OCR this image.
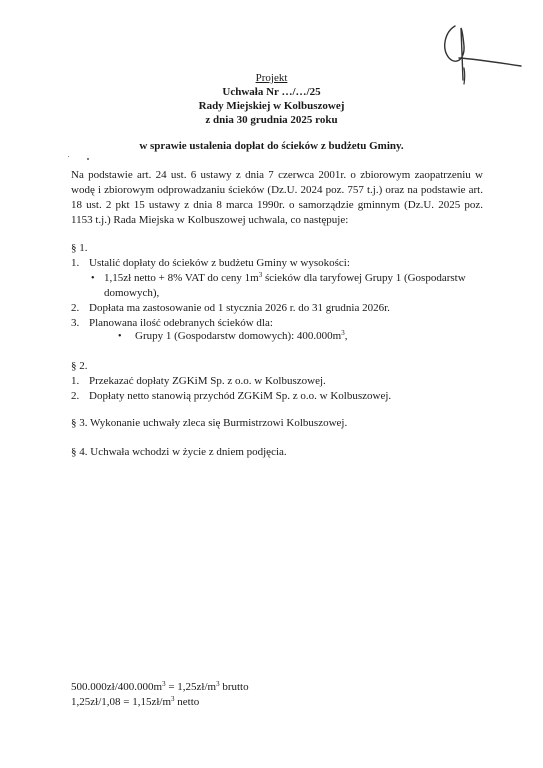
Projekt
Uchwała Nr …/…/25
Rady Miejskiej w Kolbuszowej
z dnia 30 grudnia 2025 roku
w sprawie ustalenia dopłat do ścieków z budżetu Gminy.
Na podstawie art. 24 ust. 6 ustawy z dnia 7 czerwca 2001r. o zbiorowym zaopatrzeniu w wodę i zbiorowym odprowadzaniu ścieków (Dz.U. 2024 poz. 757 t.j.) oraz na podstawie art. 18 ust. 2 pkt 15 ustawy z dnia 8 marca 1990r. o samorządzie gminnym (Dz.U. 2025 poz. 1153 t.j.) Rada Miejska w Kolbuszowej uchwala, co następuje:
§ 1.
1. Ustalić dopłaty do ścieków z budżetu Gminy w wysokości:
• 1,15zł netto + 8% VAT do ceny $1m^3$ ścieków dla taryfowej Grupy 1 (Gospodarstw
domowych),
2. Dopłata ma zastosowanie od 1 stycznia 2026 r. do 31 grudnia 2026r.
3. Planowana ilość odebranych ścieków dla:
• Grupy 1 (Gospodarstw domowych): $400.000m^3$,
§ 2.
1. Przekazać dopłaty ZGKiM Sp. z o.o. w Kolbuszowej.
2. Dopłaty netto stanowią przychód ZGKiM Sp. z o.o. w Kolbuszowej.
§ 3. Wykonanie uchwały zleca się Burmistrzowi Kolbuszowej.
§ 4. Uchwała wchodzi w życie z dniem podjęcia.
$500.000zł/400.000m^3$ = $1,25zł/m^3$ brutto
1,25zł/1,08 = $1,15zł/m^3$ netto
